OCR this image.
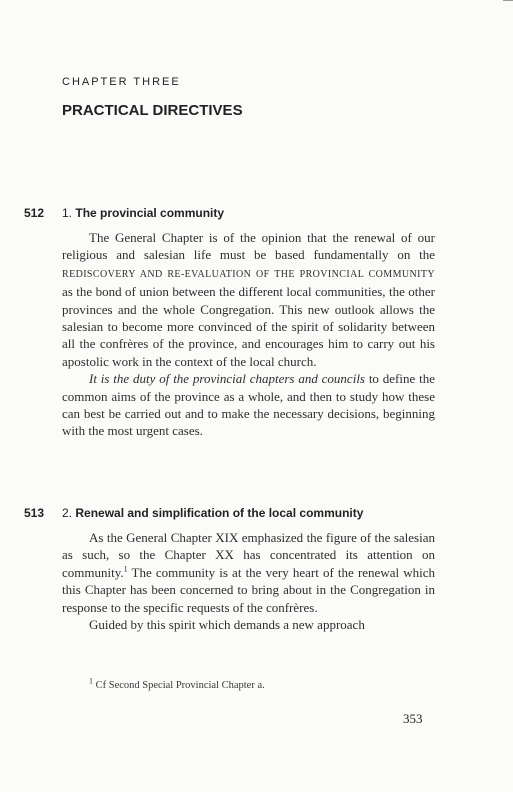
CHAPTER THREE

PRACTICAL DIRECTIVES
512 1. The provincial community

The General Chapter is of the opinion that the renewal of our religious and salesian life must be based fundamentally on the REDISCOVERY AND RE-EVALUATION OF THE PROVINCIAL COMMUNITY as the bond of union between the different local communities, the other provinces and the whole Congregation. This new outlook allows the salesian to become more convinced of the spirit of solidarity between all the confrères of the province, and encourages him to carry out his apostolic work in the context of the local church.

It is the duty of the provincial chapters and councils to define the common aims of the province as a whole, and then to study how these can best be carried out and to make the necessary decisions, beginning with the most urgent cases.

513 2. Renewal and simplification of the local community

As the General Chapter XIX emphasized the figure of the salesian as such, so the Chapter XX has concentrated its attention on community.$^1$ The community is at the very heart of the renewal which this Chapter has been concerned to bring about in the Congregation in response to the specific requests of the confrères.

Guided by this spirit which demands a new approach

$^1$ Cf Second Special Provincial Chapter a.

353
